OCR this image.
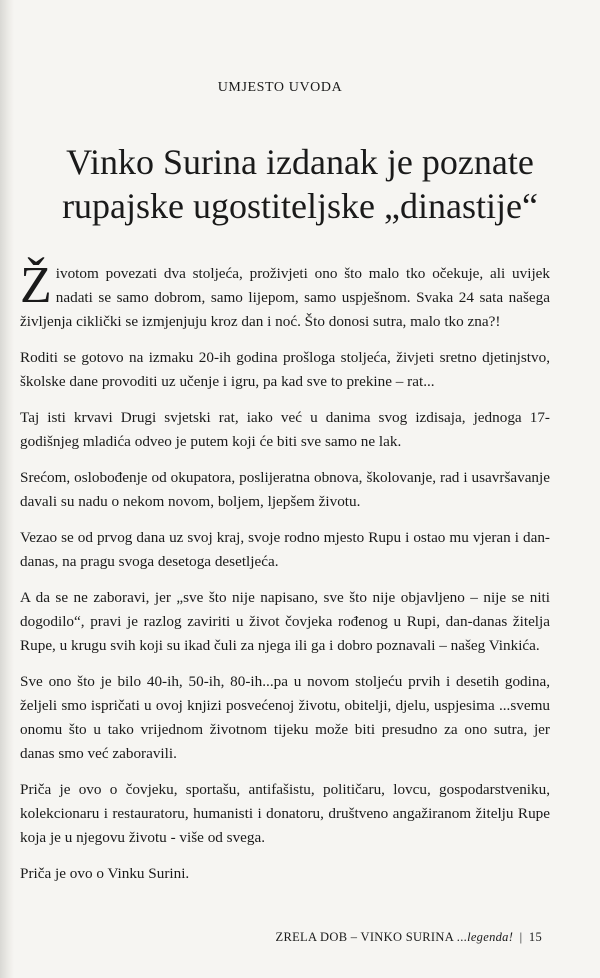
UMJESTO UVODA
Vinko Surina izdanak je poznate
rupajske ugostiteljske „dinastije“

Životom povezati dva stoljeća, proživjeti ono što malo tko očekuje, ali uvijek nadati se samo dobrom, samo lijepom, samo uspješnom. Svaka 24 sata našega življenja ciklički se izmjenjuju kroz dan i noć. Što donosi sutra, malo tko zna?!

Roditi se gotovo na izmaku 20-ih godina prošloga stoljeća, živjeti sretno djetinjstvo, školske dane provoditi uz učenje i igru, pa kad sve to prekine – rat...

Taj isti krvavi Drugi svjetski rat, iako već u danima svog izdisaja, jednoga 17-godišnjeg mladića odveo je putem koji će biti sve samo ne lak.

Srećom, oslobođenje od okupatora, poslijeratna obnova, školovanje, rad i usavršavanje davali su nadu o nekom novom, boljem, ljepšem životu.

Vezao se od prvog dana uz svoj kraj, svoje rodno mjesto Rupu i ostao mu vjeran i dan-danas, na pragu svoga desetoga desetljeća.

A da se ne zaboravi, jer „sve što nije napisano, sve što nije objavljeno – nije se niti dogodilo“, pravi je razlog zaviriti u život čovjeka rođenog u Rupi, dan-danas žitelja Rupe, u krugu svih koji su ikad čuli za njega ili ga i dobro poznavali – našeg Vinkića.

Sve ono što je bilo 40-ih, 50-ih, 80-ih...pa u novom stoljeću prvih i desetih godina, željeli smo ispričati u ovoj knjizi posvećenoj životu, obitelji, djelu, uspjesima ...svemu onomu što u tako vrijednom životnom tijeku može biti presudno za ono sutra, jer danas smo već zaboravili.

Priča je ovo o čovjeku, sportašu, antifašistu, političaru, lovcu, gospodarstveniku, kolekcionaru i restauratoru, humanisti i donatoru, društveno angažiranom žitelju Rupe koja je u njegovu životu - više od svega.

Priča je ovo o Vinku Surini.

ZRELA DOB – VINKO SURINA ...legenda! | 15
